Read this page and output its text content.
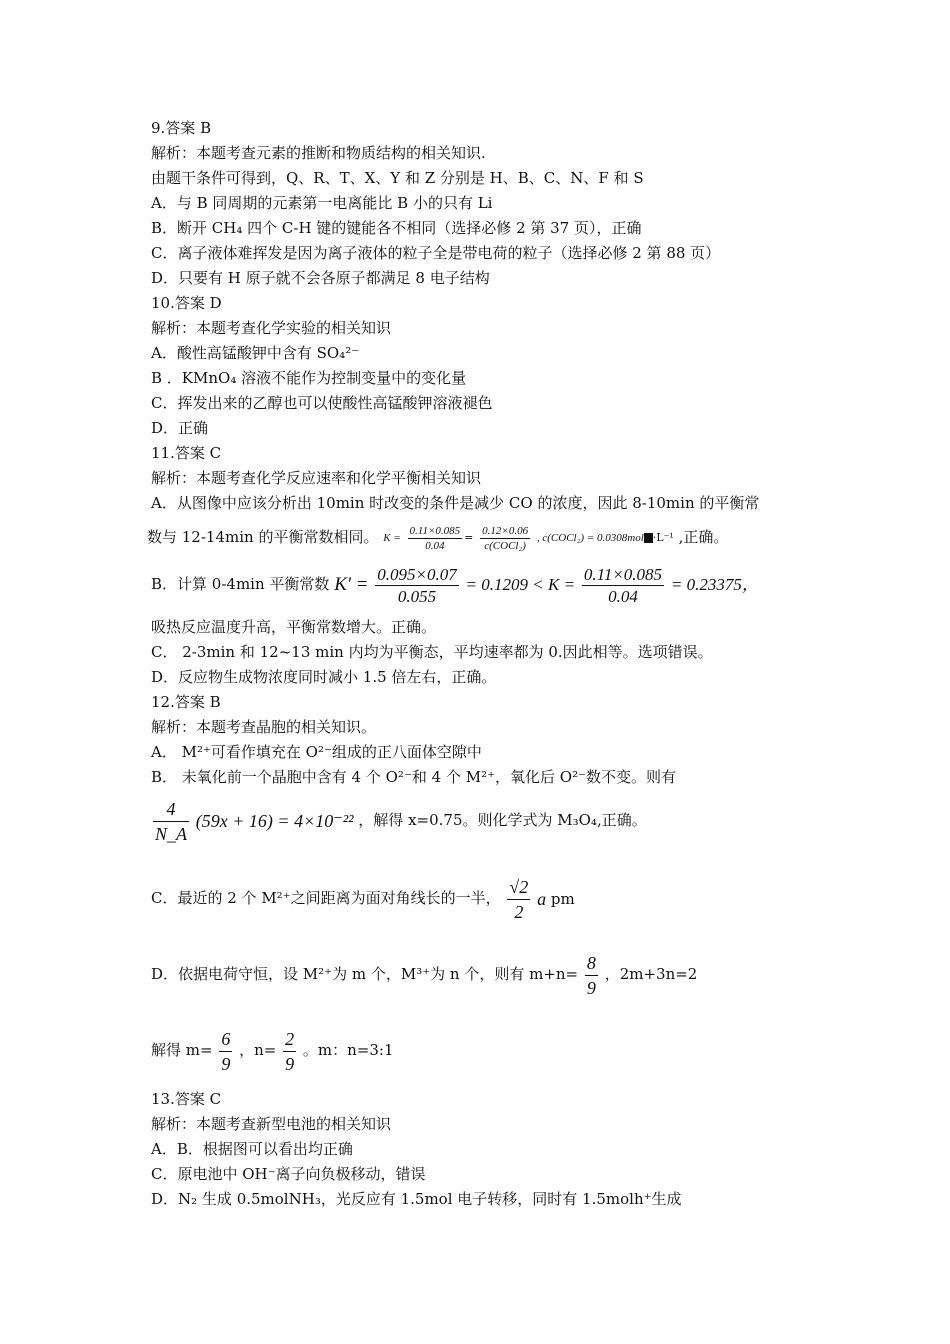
9.答案 B
解析：本题考查元素的推断和物质结构的相关知识.
由题干条件可得到，Q、R、T、X、Y 和 Z 分别是 H、B、C、N、F 和 S
A．与 B 同周期的元素第一电离能比 B 小的只有 Li
B．断开 CH₄ 四个 C-H 键的键能各不相同（选择必修 2 第 37 页），正确
C．离子液体难挥发是因为离子液体的粒子全是带电荷的粒子（选择必修 2 第 88 页）
D．只要有 H 原子就不会各原子都满足 8 电子结构
10.答案 D
解析：本题考查化学实验的相关知识
A．酸性高锰酸钾中含有 SO₄²⁻
B ．KMnO₄ 溶液不能作为控制变量中的变化量
C．挥发出来的乙醇也可以使酸性高锰酸钾溶液褪色
D．正确
11.答案 C
解析：本题考查化学反应速率和化学平衡相关知识
A．从图像中应该分析出 10min 时改变的条件是减少 CO 的浓度，因此 8-10min 的平衡常
数与 12-14min 的平衡常数相同。 $K = \frac{0.11\times 0.085}{0.04} = \frac{0.12\times 0.06}{\text{c(COCl₂)}}$ , c(COCl₂) = 0.0308mol ·L⁻¹ ,正确。
B．计算 0-4min 平衡常数 $K' = \frac{0.095\times 0.07}{0.055} = 0.1209 < K = \frac{0.11\times 0.085}{0.04} = 0.23375$，
吸热反应温度升高，平衡常数增大。正确。
C． 2-3min 和 12~13 min 内均为平衡态，平均速率都为 0.因此相等。选项错误。
D．反应物生成物浓度同时减小 1.5 倍左右，正确。
12.答案 B
解析：本题考查晶胞的相关知识。
A． M²⁺可看作填充在 O²⁻组成的正八面体空隙中
B． 未氧化前一个晶胞中含有 4 个 O²⁻和 4 个 M²⁺，氧化后 O²⁻数不变。则有
$\frac{4}{N\_A} (59x + 16) = 4\times 10^{-22}$ ，解得 x=0.75。则化学式为 M₃O₄,正确。
C．最近的 2 个 M²⁺之间距离为面对角线长的一半， $\frac{√2}{2}$ a pm
D．依据电荷守恒，设 M²⁺为 m 个，M³⁺为 n 个，则有 $m+n= \frac{8}{9}$ ，2m+3n=2
解得 $m= \frac{6}{9}$ ，$n= \frac{2}{9}$ 。m：n=3:1
13.答案 C
解析：本题考查新型电池的相关知识
A．B．根据图可以看出均正确
C．原电池中 OH⁻离子向负极移动，错误
D．N₂ 生成 0.5molNH₃，光反应有 1.5mol 电子转移，同时有 1.5molh⁺生成
